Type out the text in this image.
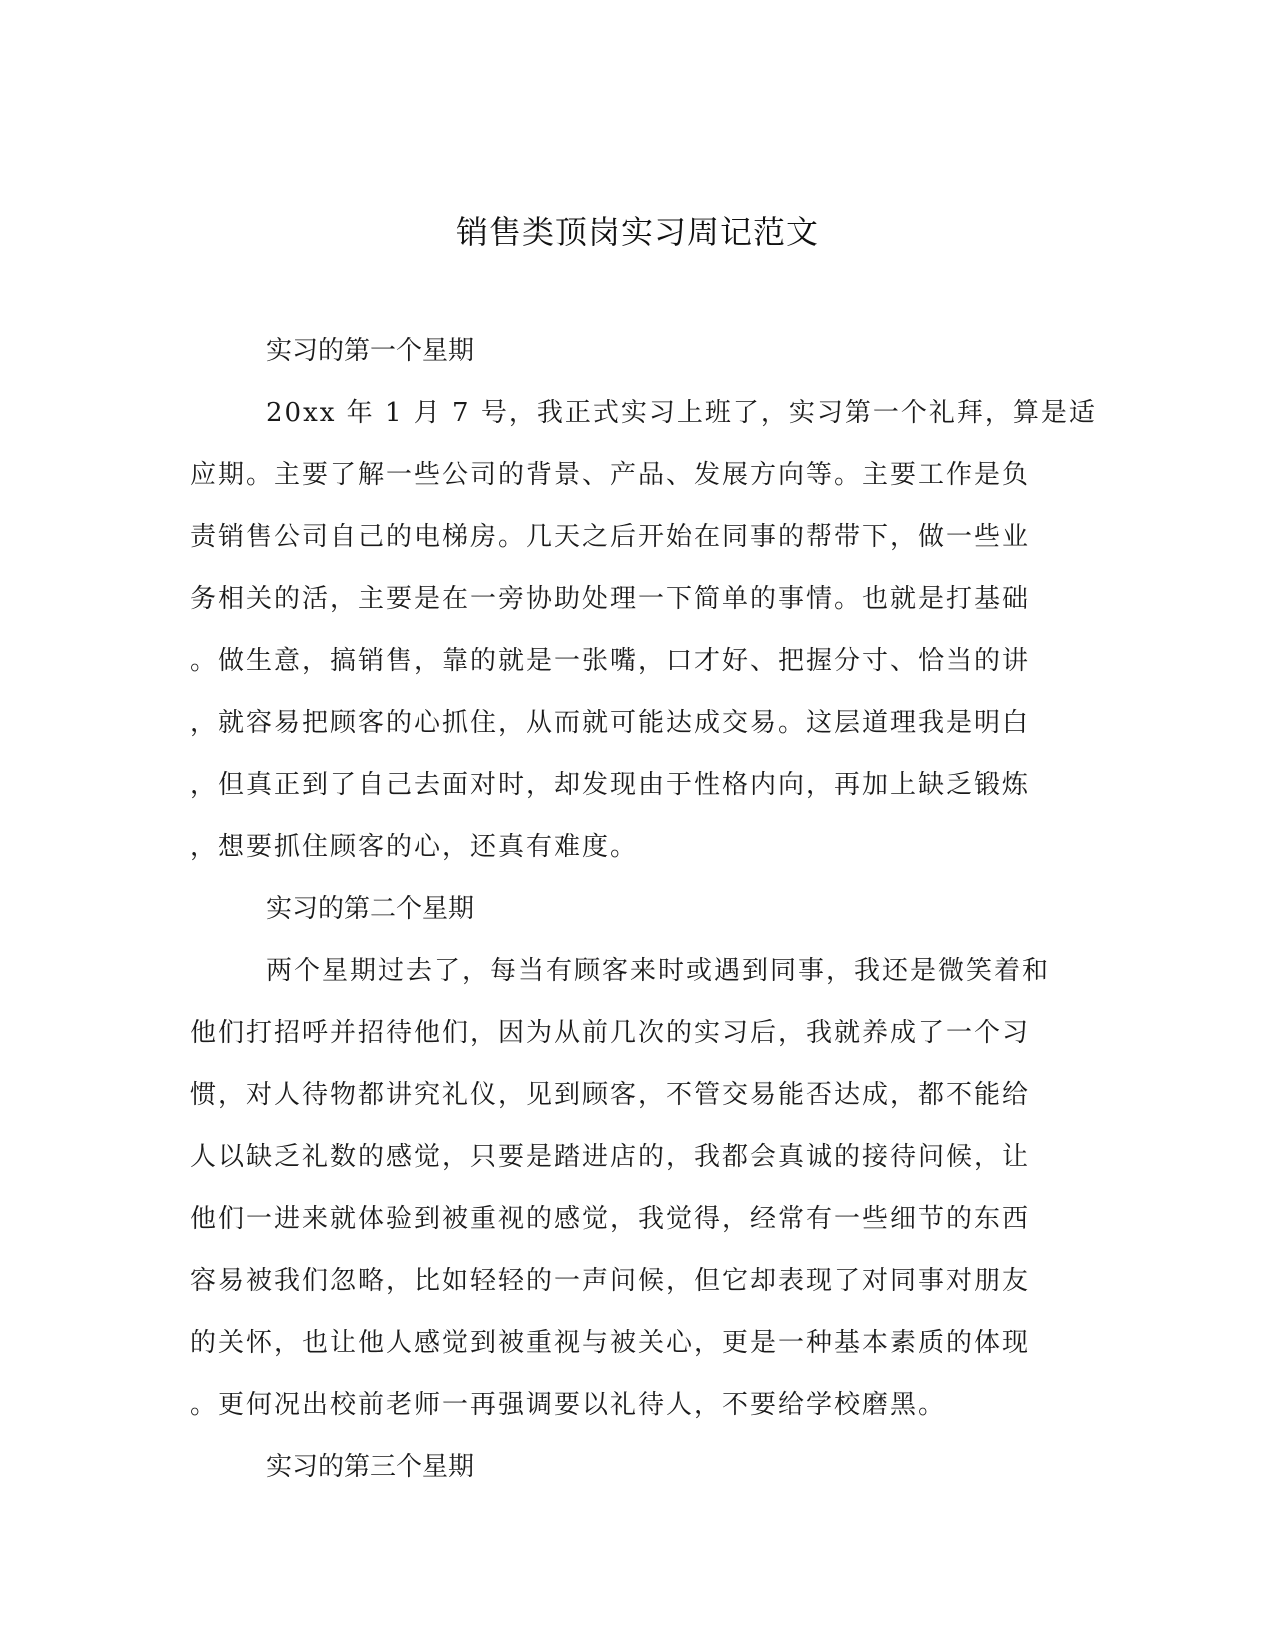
销售类顶岗实习周记范文
实习的第一个星期
20xx 年 1 月 7 号，我正式实习上班了，实习第一个礼拜，算是适
应期。主要了解一些公司的背景、产品、发展方向等。主要工作是负
责销售公司自己的电梯房。几天之后开始在同事的帮带下，做一些业
务相关的活，主要是在一旁协助处理一下简单的事情。也就是打基础
。做生意，搞销售，靠的就是一张嘴，口才好、把握分寸、恰当的讲
，就容易把顾客的心抓住，从而就可能达成交易。这层道理我是明白
，但真正到了自己去面对时，却发现由于性格内向，再加上缺乏锻炼
，想要抓住顾客的心，还真有难度。
实习的第二个星期
两个星期过去了，每当有顾客来时或遇到同事，我还是微笑着和
他们打招呼并招待他们，因为从前几次的实习后，我就养成了一个习
惯，对人待物都讲究礼仪，见到顾客，不管交易能否达成，都不能给
人以缺乏礼数的感觉，只要是踏进店的，我都会真诚的接待问候，让
他们一进来就体验到被重视的感觉，我觉得，经常有一些细节的东西
容易被我们忽略，比如轻轻的一声问候，但它却表现了对同事对朋友
的关怀，也让他人感觉到被重视与被关心，更是一种基本素质的体现
。更何况出校前老师一再强调要以礼待人，不要给学校磨黑。
实习的第三个星期
